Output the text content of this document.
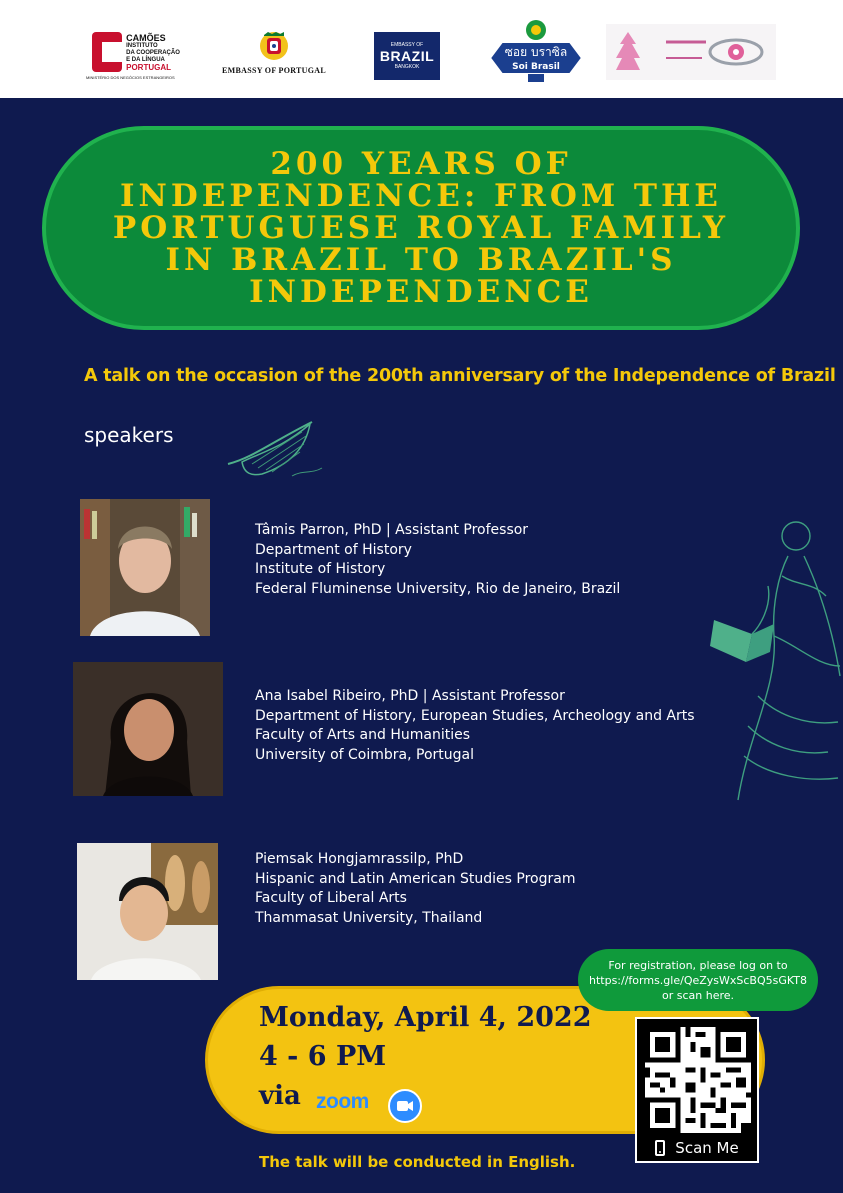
CAMÕES
INSTITUTO
DA COOPERAÇÃO
E DA LÍNGUA
PORTUGAL
MINISTÉRIO DOS NEGÓCIOS ESTRANGEIROS
EMBASSY OF PORTUGAL
EMBASSY OF
BRAZIL
BANGKOK
ซอย บราซิล
Soi Brasil
200 YEARS OF INDEPENDENCE: FROM THE PORTUGUESE ROYAL FAMILY IN BRAZIL TO BRAZIL'S INDEPENDENCE
A talk on the occasion of the 200th anniversary of the Independence of Brazil
speakers
Tâmis Parron, PhD | Assistant Professor
Department of History
Institute of History
Federal Fluminense University, Rio de Janeiro, Brazil
Ana Isabel Ribeiro, PhD | Assistant Professor
Department of History, European Studies, Archeology and Arts
Faculty of Arts and Humanities
University of Coimbra, Portugal
Piemsak Hongjamrassilp, PhD
Hispanic and Latin American Studies Program
Faculty of Liberal Arts
Thammasat University, Thailand
Monday, April 4, 2022
4 - 6 PM
via zoom
For registration, please log on to
https://forms.gle/QeZysWxScBQ5sGKT8
or scan here.
Scan Me
The talk will be conducted in English.
